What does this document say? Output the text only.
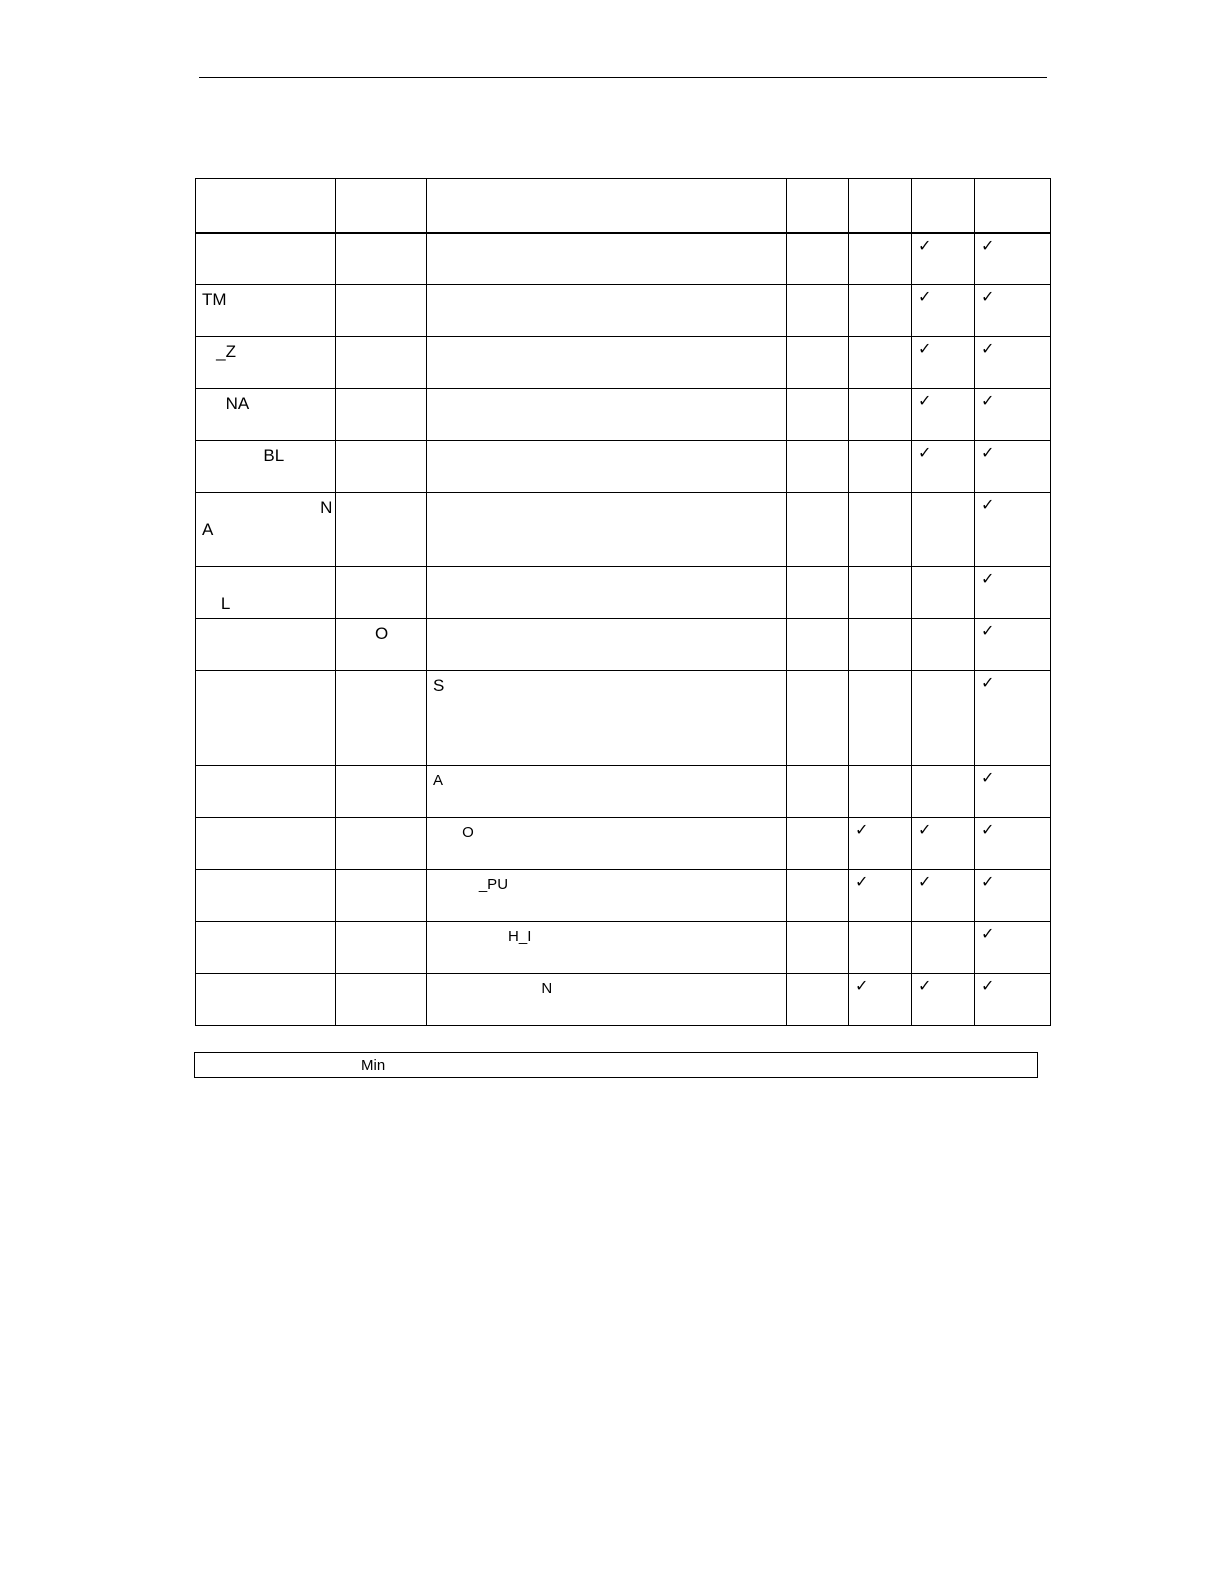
					✓	✓

TM					✓	✓

_Z					✓	✓

NA					✓	✓

BL					✓	✓

N
A						✓

L						✓

	O					✓

		S				✓

		A				✓

		O		✓	✓	✓

		_PU		✓	✓	✓

		H_I				✓

		N		✓	✓	✓
Min
